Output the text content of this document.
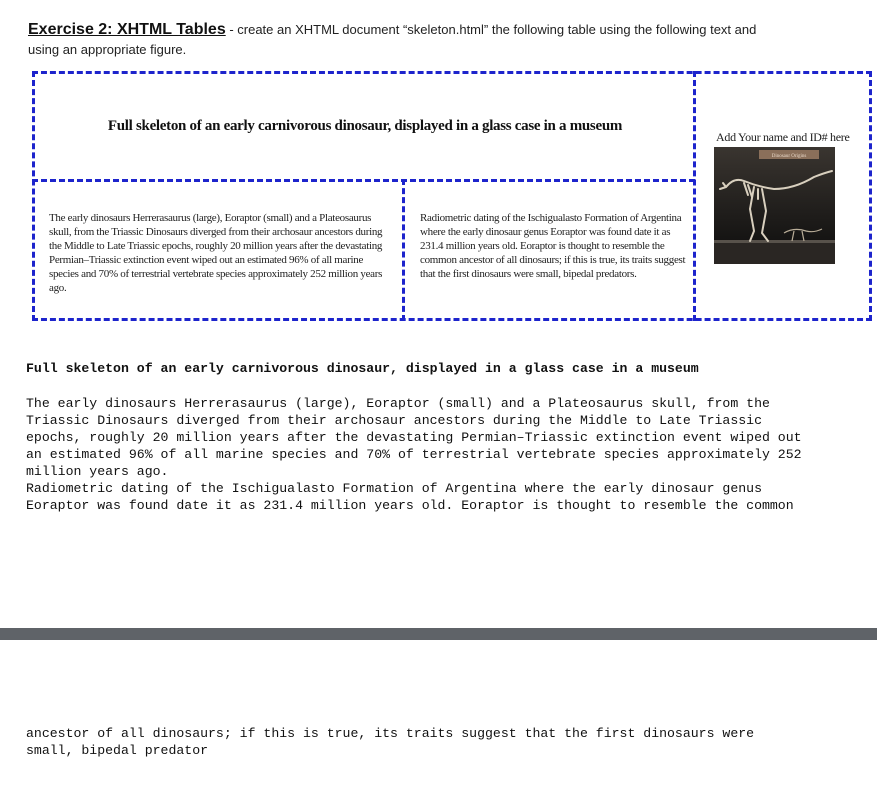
Exercise 2: XHTML Tables - create an XHTML document “skeleton.html” the following table using the following text and
using an appropriate figure.
Full skeleton of an early carnivorous dinosaur, displayed in a glass case in a museum
The early dinosaurs Herrerasaurus (large), Eoraptor (small) and a Plateosaurus skull, from the Triassic Dinosaurs diverged from their archosaur ancestors during the Middle to Late Triassic epochs, roughly 20 million years after the devastating Permian–Triassic extinction event wiped out an estimated 96% of all marine species and 70% of terrestrial vertebrate species approximately 252 million years ago.
Radiometric dating of the Ischigualasto Formation of Argentina where the early dinosaur genus Eoraptor was found date it as 231.4 million years old. Eoraptor is thought to resemble the common ancestor of all dinosaurs; if this is true, its traits suggest that the first dinosaurs were small, bipedal predators.
Add Your name and ID# here
Dinosaur Origins
Full skeleton of an early carnivorous dinosaur, displayed in a glass case in a museum
The early dinosaurs Herrerasaurus (large), Eoraptor (small) and a Plateosaurus skull, from the
Triassic Dinosaurs diverged from their archosaur ancestors during the Middle to Late Triassic
epochs, roughly 20 million years after the devastating Permian–Triassic extinction event wiped out
an estimated 96% of all marine species and 70% of terrestrial vertebrate species approximately 252
million years ago.
Radiometric dating of the Ischigualasto Formation of Argentina where the early dinosaur genus
Eoraptor was found date it as 231.4 million years old. Eoraptor is thought to resemble the common
ancestor of all dinosaurs; if this is true, its traits suggest that the first dinosaurs were
small, bipedal predator
